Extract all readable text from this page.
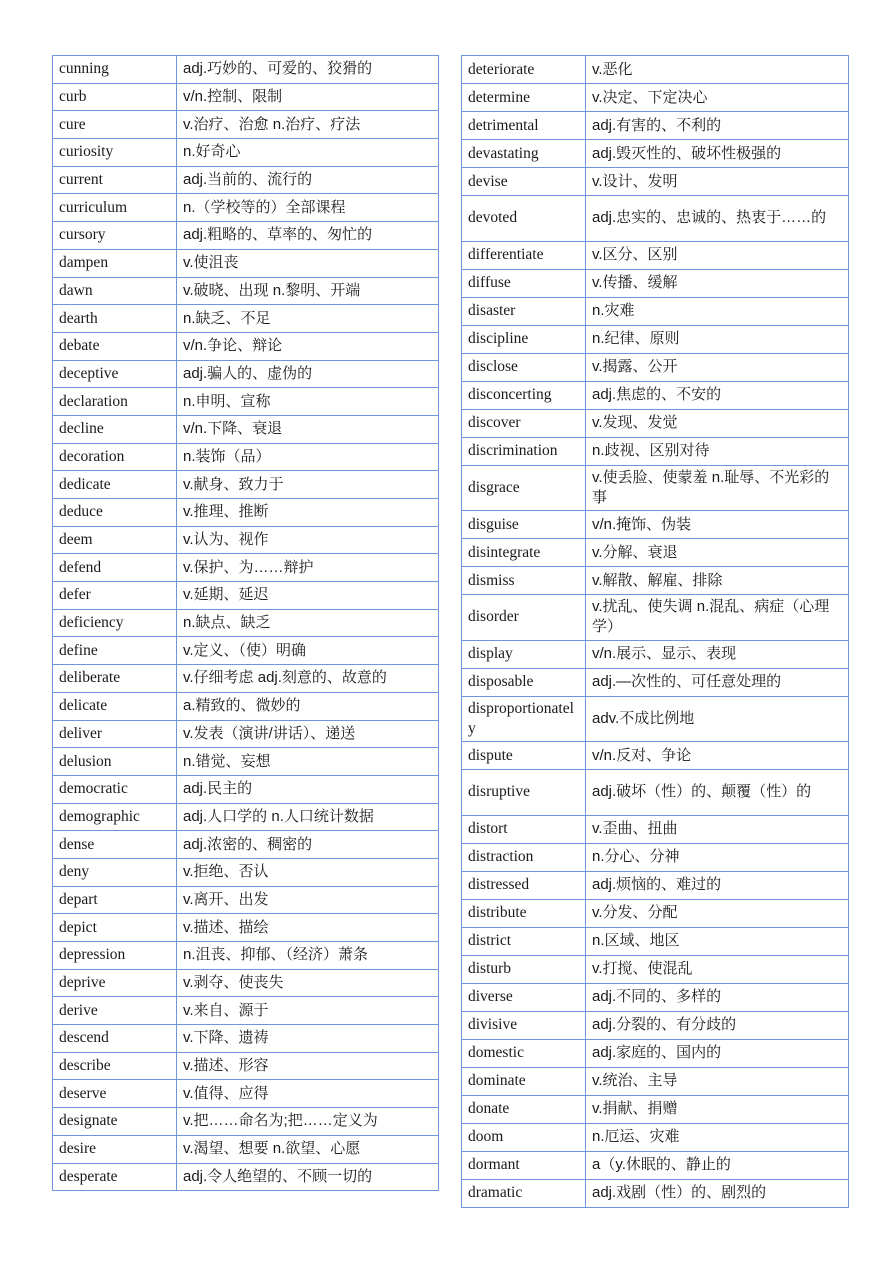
cunning	adj.巧妙的、可爱的、狡猾的
curb	v/n.控制、限制
cure	v.治疗、治愈 n.治疗、疗法
curiosity	n.好奇心
current	adj.当前的、流行的
curriculum	n.（学校等的）全部课程
cursory	adj.粗略的、草率的、匆忙的
dampen	v.使沮丧
dawn	v.破晓、出现 n.黎明、开端
dearth	n.缺乏、不足
debate	v/n.争论、辩论
deceptive	adj.骗人的、虚伪的
declaration	n.申明、宣称
decline	v/n.下降、衰退
decoration	n.装饰（品）
dedicate	v.献身、致力于
deduce	v.推理、推断
deem	v.认为、视作
defend	v.保护、为……辩护
defer	v.延期、延迟
deficiency	n.缺点、缺乏
define	v.定义、（使）明确
deliberate	v.仔细考虑 adj.刻意的、故意的
delicate	a.精致的、微妙的
deliver	v.发表（演讲/讲话）、递送
delusion	n.错觉、妄想
democratic	adj.民主的
demographic	adj.人口学的 n.人口统计数据
dense	adj.浓密的、稠密的
deny	v.拒绝、否认
depart	v.离开、出发
depict	v.描述、描绘
depression	n.沮丧、抑郁、（经济）萧条
deprive	v.剥夺、使丧失
derive	v.来自、源于
descend	v.下降、遗祷
describe	v.描述、形容
deserve	v.值得、应得
designate	v.把……命名为;把……定义为
desire	v.渴望、想要 n.欲望、心愿
desperate	adj.令人绝望的、不顾一切的
deteriorate	v.恶化
determine	v.决定、下定决心
detrimental	adj.有害的、不利的
devastating	adj.毁灭性的、破坏性极强的
devise	v.设计、发明
devoted	adj.忠实的、忠诚的、热衷于……的
differentiate	v.区分、区别
diffuse	v.传播、缓解
disaster	n.灾难
discipline	n.纪律、原则
disclose	v.揭露、公开
disconcerting	adj.焦虑的、不安的
discover	v.发现、发觉
discrimination	n.歧视、区别对待
disgrace	v.使丢脸、使蒙羞 n.耻辱、不光彩的事
disguise	v/n.掩饰、伪装
disintegrate	v.分解、衰退
dismiss	v.解散、解雇、排除
disorder	v.扰乱、使失调 n.混乱、病症（心理学）
display	v/n.展示、显示、表现
disposable	adj.—次性的、可任意处理的
disproportionately	adv.不成比例地
dispute	v/n.反对、争论
disruptive	adj.破坏（性）的、颠覆（性）的
distort	v.歪曲、扭曲
distraction	n.分心、分神
distressed	adj.烦恼的、难过的
distribute	v.分发、分配
district	n.区域、地区
disturb	v.打搅、使混乱
diverse	adj.不同的、多样的
divisive	adj.分裂的、有分歧的
domestic	adj.家庭的、国内的
dominate	v.统治、主导
donate	v.捐献、捐赠
doom	n.厄运、灾难
dormant	a（y.休眠的、静止的
dramatic	adj.戏剧（性）的、剧烈的
